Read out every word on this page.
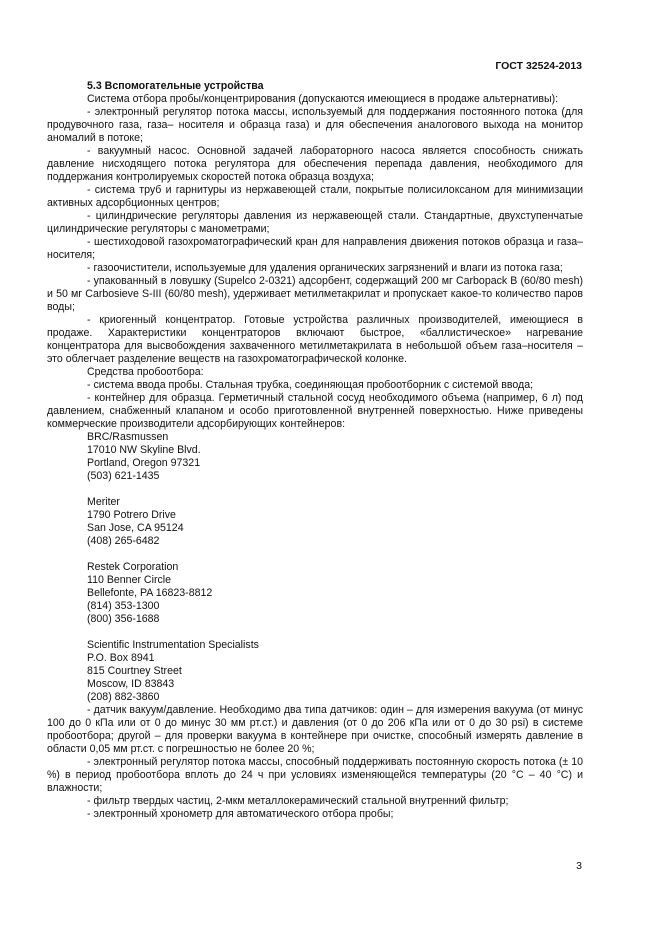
ГОСТ 32524-2013

5.3 Вспомогательные устройства

Система отбора пробы/концентрирования (допускаются имеющиеся в продаже альтернативы):

- электронный регулятор потока массы, используемый для поддержания постоянного потока (для продувочного газа, газа– носителя и образца газа) и для обеспечения аналогового выхода на монитор аномалий в потоке;

- вакуумный насос. Основной задачей лабораторного насоса является способность снижать давление нисходящего потока регулятора для обеспечения перепада давления, необходимого для поддержания контролируемых скоростей потока образца воздуха;

- система труб и гарнитуры из нержавеющей стали, покрытые полисилоксаном для минимизации активных адсорбционных центров;

- цилиндрические регуляторы давления из нержавеющей стали. Стандартные, двухступенчатые цилиндрические регуляторы с манометрами;

- шестиходовой газохроматографический кран для направления движения потоков образца и газа–носителя;

- газоочистители, используемые для удаления органических загрязнений и влаги из потока газа;

- упакованный в ловушку (Supelco 2-0321) адсорбент, содержащий 200 мг Carbopack B (60/80 mesh) и 50 мг Carbosieve S-III (60/80 mesh), удерживает метилметакрилат и пропускает какое-то количество паров воды;

- криогенный концентратор. Готовые устройства различных производителей, имеющиеся в продаже. Характеристики концентраторов включают быстрое, «баллистическое» нагревание концентратора для высвобождения захваченного метилметакрилата в небольшой объем газа–носителя – это облегчает разделение веществ на газохроматографической колонке.

Средства пробоотбора:

- система ввода пробы. Стальная трубка, соединяющая пробоотборник с системой ввода;

- контейнер для образца. Герметичный стальной сосуд необходимого объема (например, 6 л) под давлением, снабженный клапаном и особо приготовленной внутренней поверхностью. Ниже приведены коммерческие производители адсорбирующих контейнеров:

BRC/Rasmussen
17010 NW Skyline Blvd.
Portland, Oregon 97321
(503) 621-1435
Meriter
1790 Potrero Drive
San Jose, CA 95124
(408) 265-6482
Restek Corporation
110 Benner Circle
Bellefonte, PA 16823-8812
(814) 353-1300
(800) 356-1688
Scientific Instrumentation Specialists
P.O. Box 8941
815 Courtney Street
Moscow, ID 83843
(208) 882-3860

- датчик вакуум/давление. Необходимо два типа датчиков: один – для измерения вакуума (от минус 100 до 0 кПа или от 0 до минус 30 мм рт.ст.) и давления (от 0 до 206 кПа или от 0 до 30 psi) в системе пробоотбора; другой – для проверки вакуума в контейнере при очистке, способный измерять давление в области 0,05 мм рт.ст. с погрешностью не более 20 %;

- электронный регулятор потока массы, способный поддерживать постоянную скорость потока (± 10 %) в период пробоотбора вплоть до 24 ч при условиях изменяющейся температуры (20 °С – 40 °С) и влажности;

- фильтр твердых частиц, 2-мкм металлокерамический стальной внутренний фильтр;

- электронный хронометр для автоматического отбора пробы;

3
